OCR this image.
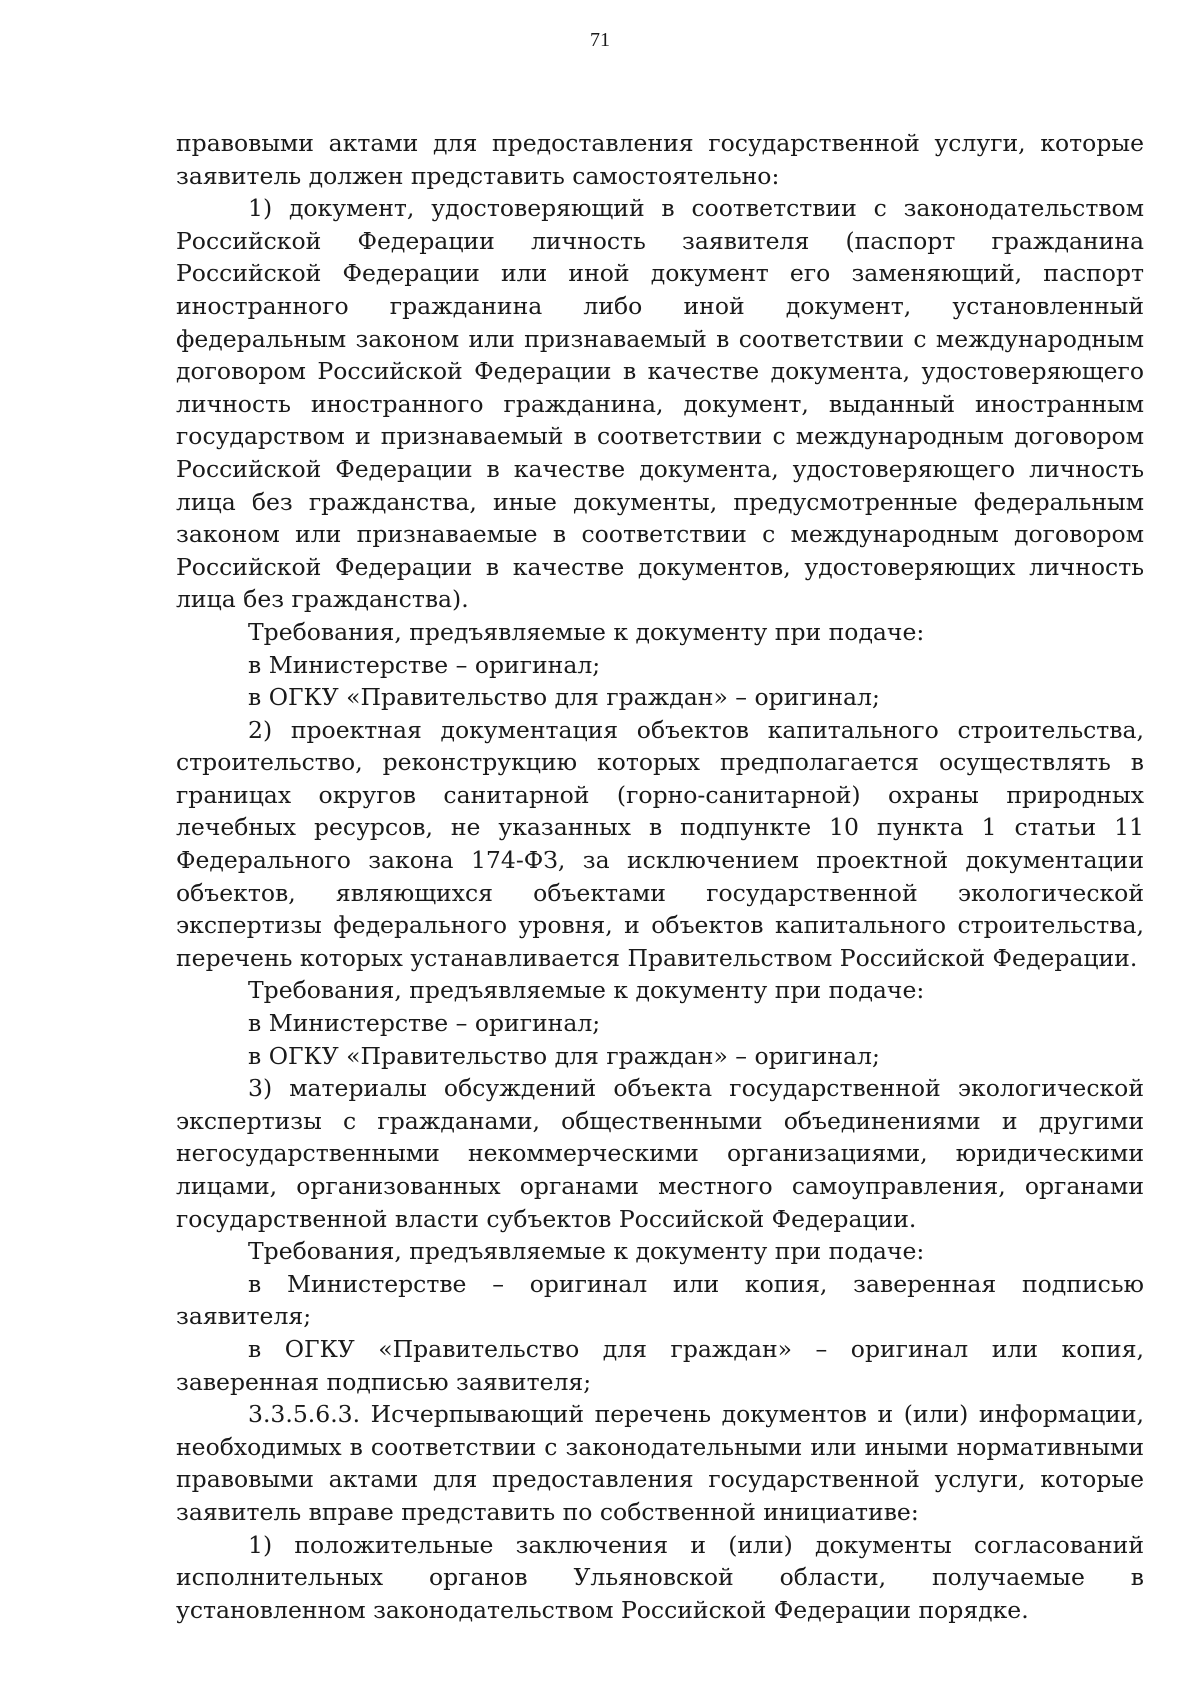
71

правовыми актами для предоставления государственной услуги, которые заявитель должен представить самостоятельно:

1) документ, удостоверяющий в соответствии с законодательством Российской Федерации личность заявителя (паспорт гражданина Российской Федерации или иной документ его заменяющий, паспорт иностранного гражданина либо иной документ, установленный федеральным законом или признаваемый в соответствии с международным договором Российской Федерации в качестве документа, удостоверяющего личность иностранного гражданина, документ, выданный иностранным государством и признаваемый в соответствии с международным договором Российской Федерации в качестве документа, удостоверяющего личность лица без гражданства, иные документы, предусмотренные федеральным законом или признаваемые в соответствии с международным договором Российской Федерации в качестве документов, удостоверяющих личность лица без гражданства).

Требования, предъявляемые к документу при подаче:

в Министерстве – оригинал;

в ОГКУ «Правительство для граждан» – оригинал;

2) проектная документация объектов капитального строительства, строительство, реконструкцию которых предполагается осуществлять в границах округов санитарной (горно-санитарной) охраны природных лечебных ресурсов, не указанных в подпункте 10 пункта 1 статьи 11 Федерального закона 174-ФЗ, за исключением проектной документации объектов, являющихся объектами государственной экологической экспертизы федерального уровня, и объектов капитального строительства, перечень которых устанавливается Правительством Российской Федерации.

Требования, предъявляемые к документу при подаче:

в Министерстве – оригинал;

в ОГКУ «Правительство для граждан» – оригинал;

3) материалы обсуждений объекта государственной экологической экспертизы с гражданами, общественными объединениями и другими негосударственными некоммерческими организациями, юридическими лицами, организованных органами местного самоуправления, органами государственной власти субъектов Российской Федерации.

Требования, предъявляемые к документу при подаче:

в Министерстве – оригинал или копия, заверенная подписью заявителя;

в ОГКУ «Правительство для граждан» – оригинал или копия, заверенная подписью заявителя;

3.3.5.6.3. Исчерпывающий перечень документов и (или) информации, необходимых в соответствии с законодательными или иными нормативными правовыми актами для предоставления государственной услуги, которые заявитель вправе представить по собственной инициативе:

1) положительные заключения и (или) документы согласований исполнительных органов Ульяновской области, получаемые в установленном законодательством Российской Федерации порядке.
